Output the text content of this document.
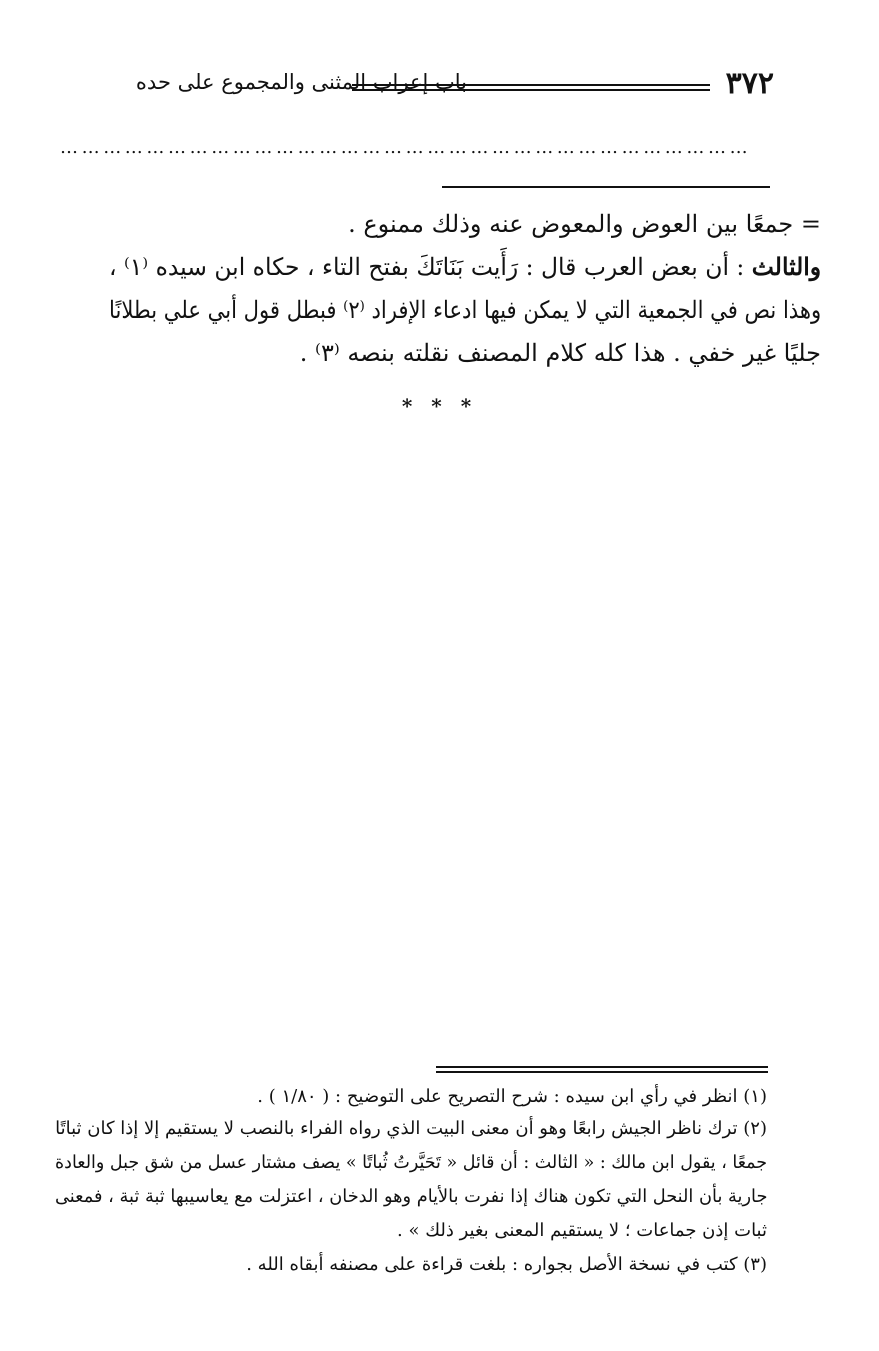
٣٧٢
باب إعراب المثنى والمجموع على حده
……………………………………………………………………………………
= جمعًا بين العوض والمعوض عنه وذلك ممنوع .
والثالث : أن بعض العرب قال : رَأَيت بَنَاتَكَ بفتح التاء ، حكاه ابن سيده ⁽١⁾ ،
وهذا نص في الجمعية التي لا يمكن فيها ادعاء الإفراد ⁽٢⁾ فبطل قول أبي علي بطلانًا
جليًا غير خفي . هذا كله كلام المصنف نقلته بنصه ⁽٣⁾ .
* * *
(١) انظر في رأي ابن سيده : شرح التصريح على التوضيح : ( ١/٨٠ ) .
(٢) ترك ناظر الجيش رابعًا وهو أن معنى البيت الذي رواه الفراء بالنصب لا يستقيم إلا إذا كان ثباتًا
جمعًا ، يقول ابن مالك : « الثالث : أن قائل « تَحَيَّرتُ ثُباتًا » يصف مشتار عسل من شق جبل والعادة
جارية بأن النحل التي تكون هناك إذا نفرت بالأيام وهو الدخان ، اعتزلت مع يعاسيبها ثبة ثبة ، فمعنى
ثبات إذن جماعات ؛ لا يستقيم المعنى بغير ذلك » .
(٣) كتب في نسخة الأصل بجواره : بلغت قراءة على مصنفه أبقاه الله .
